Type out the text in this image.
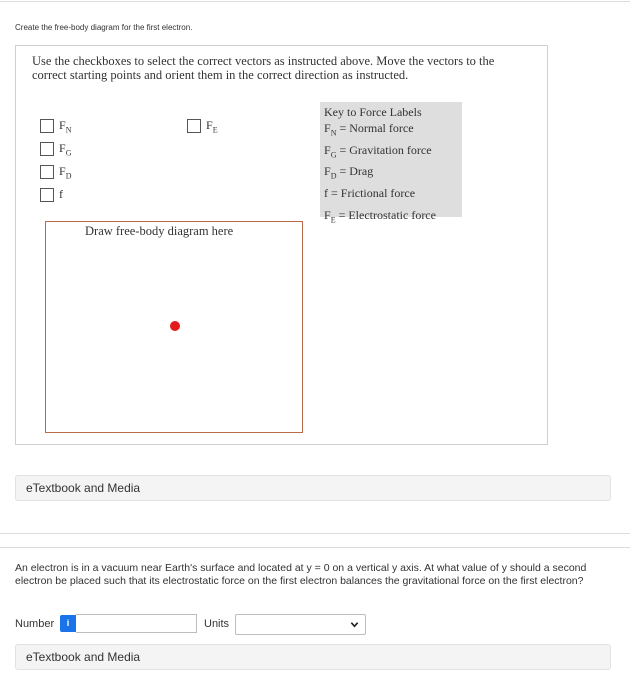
Create the free-body diagram for the first electron.
Use the checkboxes to select the correct vectors as instructed above. Move the vectors to the correct starting points and orient them in the correct direction as instructed.
$F_N$
$F_G$
$F_D$
f
$F_E$
Key to Force Labels
$F_N$ = Normal force
$F_G$ = Gravitation force
$F_D$ = Drag
f = Frictional force
$F_E$ = Electrostatic force
Draw free-body diagram here
eTextbook and Media
An electron is in a vacuum near Earth's surface and located at y = 0 on a vertical y axis. At what value of y should a second electron be placed such that its electrostatic force on the first electron balances the gravitational force on the first electron?
Number	i	Units
eTextbook and Media
